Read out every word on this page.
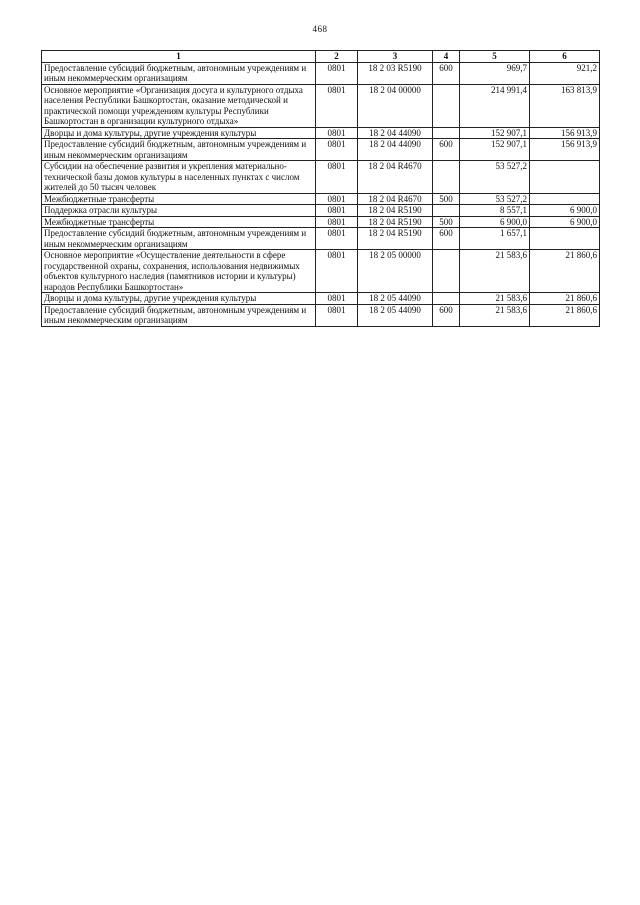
468
1	2	3	4	5	6
Предоставление субсидий бюджетным, автономным учреждениям и иным некоммерческим организациям	0801	18 2 03 R5190	600	969,7	921,2
Основное мероприятие «Организация досуга и культурного отдыха населения Республики Башкортостан, оказание методической и практической помощи учреждениям культуры Республики Башкортостан в организации культурного отдыха»	0801	18 2 04 00000		214 991,4	163 813,9
Дворцы и дома культуры, другие учреждения культуры	0801	18 2 04 44090		152 907,1	156 913,9
Предоставление субсидий бюджетным, автономным учреждениям и иным некоммерческим организациям	0801	18 2 04 44090	600	152 907,1	156 913,9
Субсидии на обеспечение развития и укрепления материально-технической базы домов культуры в населенных пунктах с числом жителей до 50 тысяч человек	0801	18 2 04 R4670		53 527,2	
Межбюджетные трансферты	0801	18 2 04 R4670	500	53 527,2	
Поддержка отрасли культуры	0801	18 2 04 R5190		8 557,1	6 900,0
Межбюджетные трансферты	0801	18 2 04 R5190	500	6 900,0	6 900,0
Предоставление субсидий бюджетным, автономным учреждениям и иным некоммерческим организациям	0801	18 2 04 R5190	600	1 657,1	
Основное мероприятие «Осуществление деятельности в сфере государственной охраны, сохранения, использования недвижимых объектов культурного наследия (памятников истории и культуры) народов Республики Башкортостан»	0801	18 2 05 00000		21 583,6	21 860,6
Дворцы и дома культуры, другие учреждения культуры	0801	18 2 05 44090		21 583,6	21 860,6
Предоставление субсидий бюджетным, автономным учреждениям и иным некоммерческим организациям	0801	18 2 05 44090	600	21 583,6	21 860,6
